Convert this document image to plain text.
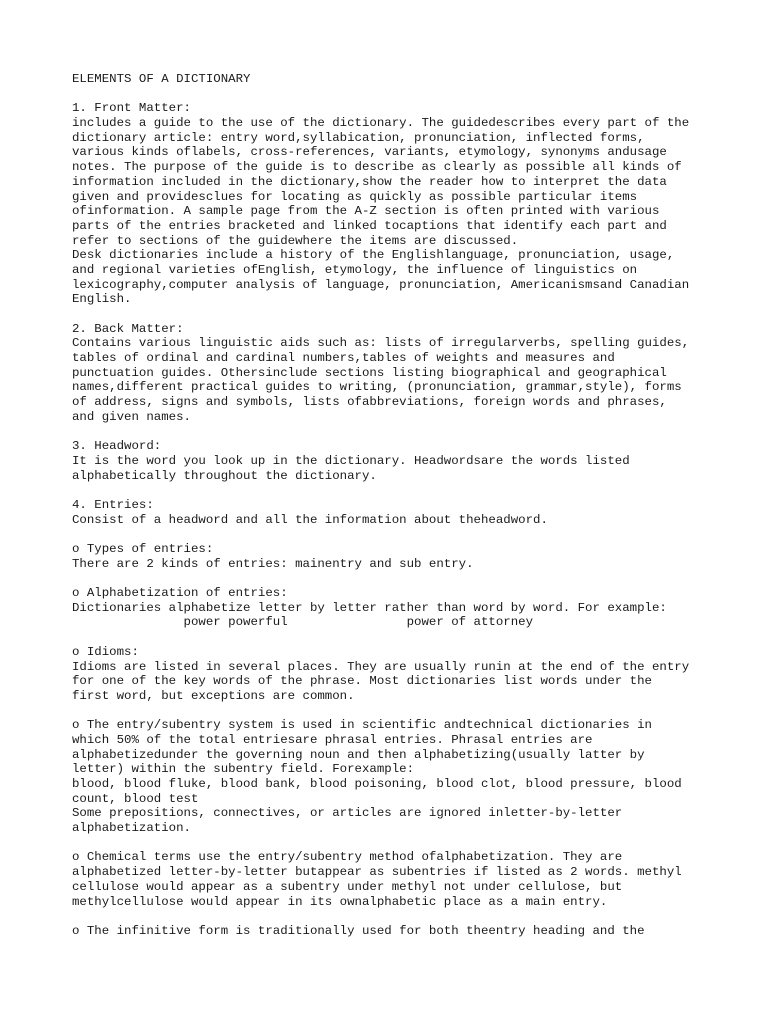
ELEMENTS OF A DICTIONARY
1. Front Matter:
includes a guide to the use of the dictionary. The guidedescribes every part of the
dictionary article: entry word,syllabication, pronunciation, inflected forms,
various kinds oflabels, cross-references, variants, etymology, synonyms andusage
notes. The purpose of the guide is to describe as clearly as possible all kinds of
information included in the dictionary,show the reader how to interpret the data
given and providesclues for locating as quickly as possible particular items
ofinformation. A sample page from the A-Z section is often printed with various
parts of the entries bracketed and linked tocaptions that identify each part and
refer to sections of the guidewhere the items are discussed.
Desk dictionaries include a history of the Englishlanguage, pronunciation, usage,
and regional varieties ofEnglish, etymology, the influence of linguistics on
lexicography,computer analysis of language, pronunciation, Americanismsand Canadian
English.
2. Back Matter:
Contains various linguistic aids such as: lists of irregularverbs, spelling guides,
tables of ordinal and cardinal numbers,tables of weights and measures and
punctuation guides. Othersinclude sections listing biographical and geographical
names,different practical guides to writing, (pronunciation, grammar,style), forms
of address, signs and symbols, lists ofabbreviations, foreign words and phrases,
and given names.
3. Headword:
It is the word you look up in the dictionary. Headwordsare the words listed
alphabetically throughout the dictionary.
4. Entries:
Consist of a headword and all the information about theheadword.
o Types of entries:
There are 2 kinds of entries: mainentry and sub entry.
o Alphabetization of entries:
Dictionaries alphabetize letter by letter rather than word by word. For example:
power powerful                power of attorney
o Idioms:
Idioms are listed in several places. They are usually runin at the end of the entry
for one of the key words of the phrase. Most dictionaries list words under the
first word, but exceptions are common.
o The entry/subentry system is used in scientific andtechnical dictionaries in
which 50% of the total entriesare phrasal entries. Phrasal entries are
alphabetizedunder the governing noun and then alphabetizing(usually latter by
letter) within the subentry field. Forexample:
blood, blood fluke, blood bank, blood poisoning, blood clot, blood pressure, blood
count, blood test
Some prepositions, connectives, or articles are ignored inletter-by-letter
alphabetization.
o Chemical terms use the entry/subentry method ofalphabetization. They are
alphabetized letter-by-letter butappear as subentries if listed as 2 words. methyl
cellulose would appear as a subentry under methyl not under cellulose, but
methylcellulose would appear in its ownalphabetic place as a main entry.
o The infinitive form is traditionally used for both theentry heading and the
